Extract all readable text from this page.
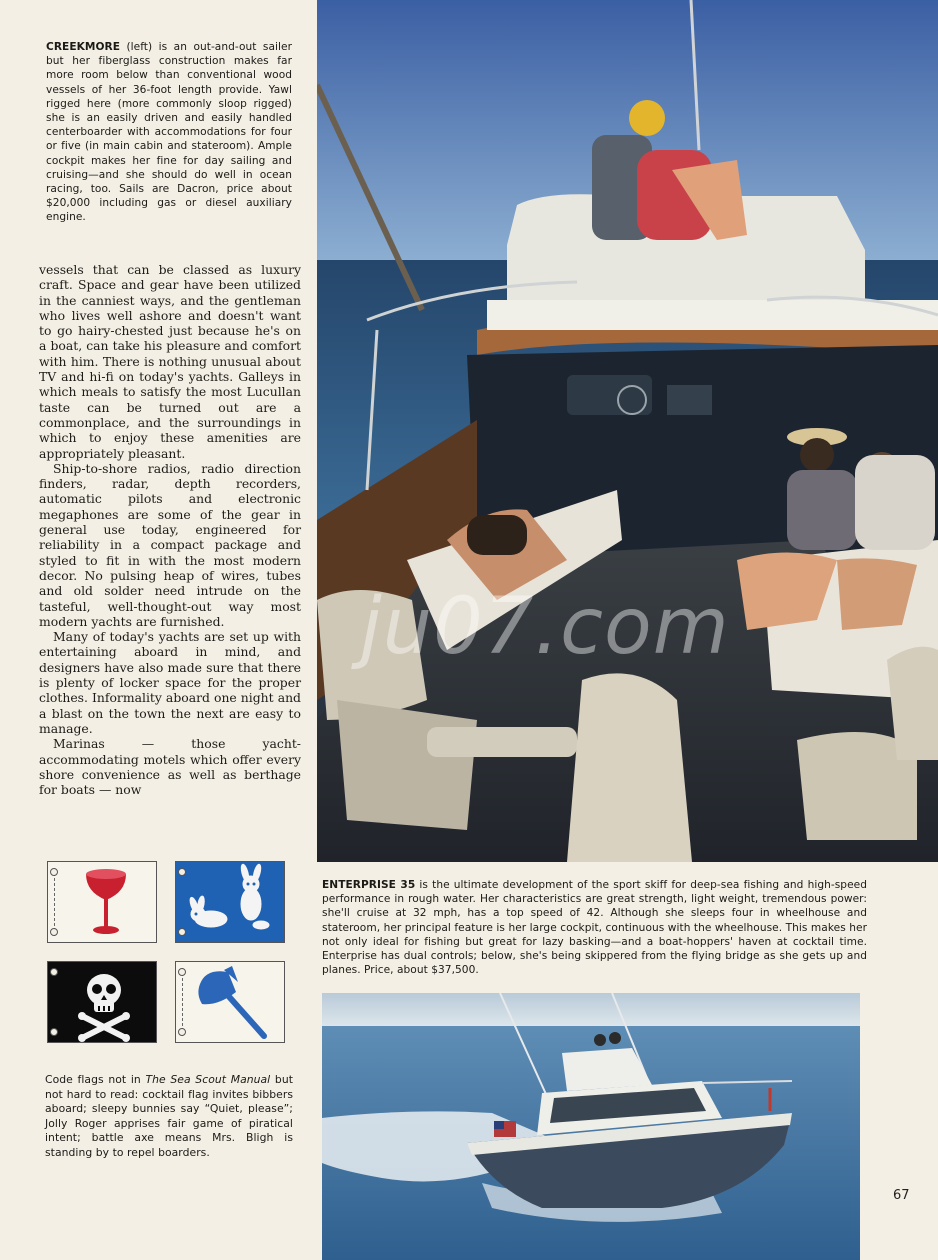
CREEKMORE (left) is an out-and-out sailer but her fiberglass construction makes far more room below than conventional wood vessels of her 36-foot length provide. Yawl rigged here (more commonly sloop rigged) she is an easily driven and easily handled centerboarder with accommodations for four or five (in main cabin and stateroom). Ample cockpit makes her fine for day sailing and cruising—and she should do well in ocean racing, too. Sails are Dacron, price about $20,000 including gas or diesel auxiliary engine.

vessels that can be classed as luxury craft. Space and gear have been utilized in the canniest ways, and the gentleman who lives well ashore and doesn't want to go hairy-chested just because he's on a boat, can take his pleasure and comfort with him. There is nothing unusual about TV and hi-fi on today's yachts. Galleys in which meals to satisfy the most Lucullan taste can be turned out are a commonplace, and the surroundings in which to enjoy these amenities are appropriately pleasant.

Ship-to-shore radios, radio direction finders, radar, depth recorders, automatic pilots and electronic megaphones are some of the gear in general use today, engineered for reliability in a compact package and styled to fit in with the most modern decor. No pulsing heap of wires, tubes and old solder need intrude on the tasteful, well-thought-out way most modern yachts are furnished.

Many of today's yachts are set up with entertaining aboard in mind, and designers have also made sure that there is plenty of locker space for the proper clothes. Informality aboard one night and a blast on the town the next are easy to manage.

Marinas — those yacht-accommodating motels which offer every shore convenience as well as berthage for boats — now

ju07.com
ENTERPRISE 35 is the ultimate development of the sport skiff for deep-sea fishing and high-speed performance in rough water. Her characteristics are great strength, light weight, tremendous power: she'll cruise at 32 mph, has a top speed of 42. Although she sleeps four in wheelhouse and stateroom, her principal feature is her large cockpit, continuous with the wheelhouse. This makes her not only ideal for fishing but great for lazy basking—and a boat-hoppers' haven at cocktail time. Enterprise has dual controls; below, she's being skippered from the flying bridge as she gets up and planes. Price, about $37,500.
Code flags not in The Sea Scout Manual but not hard to read: cocktail flag invites bibbers aboard; sleepy bunnies say “Quiet, please”; Jolly Roger apprises fair game of piratical intent; battle axe means Mrs. Bligh is standing by to repel boarders.
67
